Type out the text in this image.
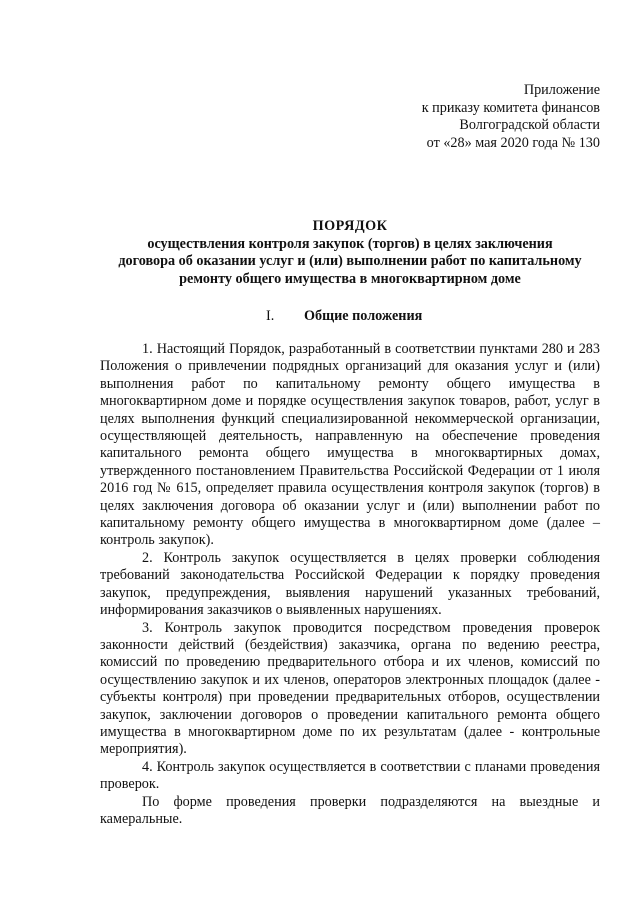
Приложение
к приказу комитета финансов
Волгоградской области
от «28» мая 2020 года № 130
ПОРЯДОК
осуществления контроля закупок (торгов) в целях заключения
договора об оказании услуг и (или) выполнении работ по капитальному
ремонту общего имущества в многоквартирном доме
I. Общие положения

1. Настоящий Порядок, разработанный в соответствии пунктами 280 и 283 Положения о привлечении подрядных организаций для оказания услуг и (или) выполнения работ по капитальному ремонту общего имущества в многоквартирном доме и порядке осуществления закупок товаров, работ, услуг в целях выполнения функций специализированной некоммерческой организации, осуществляющей деятельность, направленную на обеспечение проведения капитального ремонта общего имущества в многоквартирных домах, утвержденного постановлением Правительства Российской Федерации от 1 июля 2016 год № 615, определяет правила осуществления контроля закупок (торгов) в целях заключения договора об оказании услуг и (или) выполнении работ по капитальному ремонту общего имущества в многоквартирном доме (далее – контроль закупок).

2. Контроль закупок осуществляется в целях проверки соблюдения требований законодательства Российской Федерации к порядку проведения закупок, предупреждения, выявления нарушений указанных требований, информирования заказчиков о выявленных нарушениях.

3. Контроль закупок проводится посредством проведения проверок законности действий (бездействия) заказчика, органа по ведению реестра, комиссий по проведению предварительного отбора и их членов, комиссий по осуществлению закупок и их членов, операторов электронных площадок (далее - субъекты контроля) при проведении предварительных отборов, осуществлении закупок, заключении договоров о проведении капитального ремонта общего имущества в многоквартирном доме по их результатам (далее - контрольные мероприятия).

4. Контроль закупок осуществляется в соответствии с планами проведения проверок.

По форме проведения проверки подразделяются на выездные и камеральные.
